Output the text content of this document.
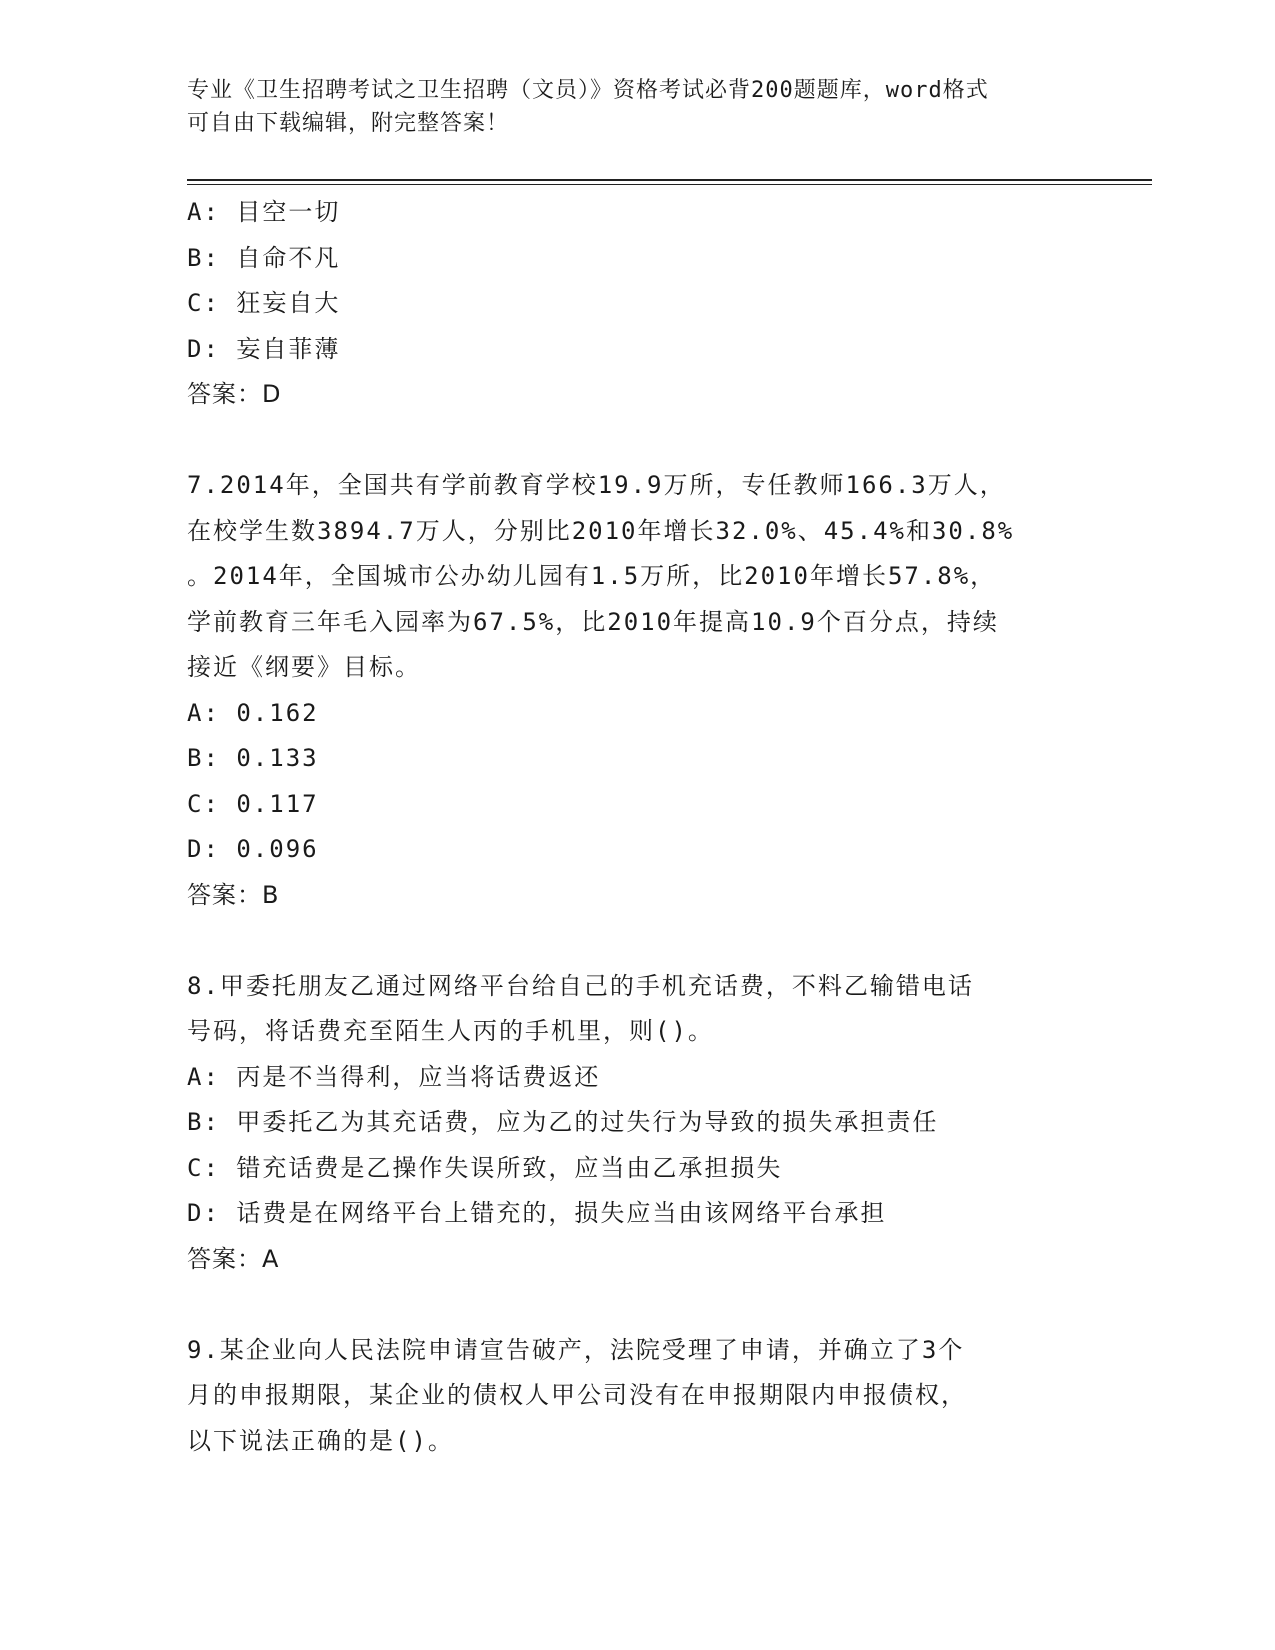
专业《卫生招聘考试之卫生招聘（文员）》资格考试必背200题题库，word格式
可自由下载编辑，附完整答案！
A: 目空一切
B: 自命不凡
C: 狂妄自大
D: 妄自菲薄
答案：D
7.2014年，全国共有学前教育学校19.9万所，专任教师166.3万人，
在校学生数3894.7万人，分别比2010年增长32.0%、45.4%和30.8%
。2014年，全国城市公办幼儿园有1.5万所，比2010年增长57.8%，
学前教育三年毛入园率为67.5%，比2010年提高10.9个百分点，持续
接近《纲要》目标。
A: 0.162
B: 0.133
C: 0.117
D: 0.096
答案：B
8.甲委托朋友乙通过网络平台给自己的手机充话费，不料乙输错电话
号码，将话费充至陌生人丙的手机里，则()。
A: 丙是不当得利，应当将话费返还
B: 甲委托乙为其充话费，应为乙的过失行为导致的损失承担责任
C: 错充话费是乙操作失误所致，应当由乙承担损失
D: 话费是在网络平台上错充的，损失应当由该网络平台承担
答案：A
9.某企业向人民法院申请宣告破产，法院受理了申请，并确立了3个
月的申报期限，某企业的债权人甲公司没有在申报期限内申报债权，
以下说法正确的是()。
